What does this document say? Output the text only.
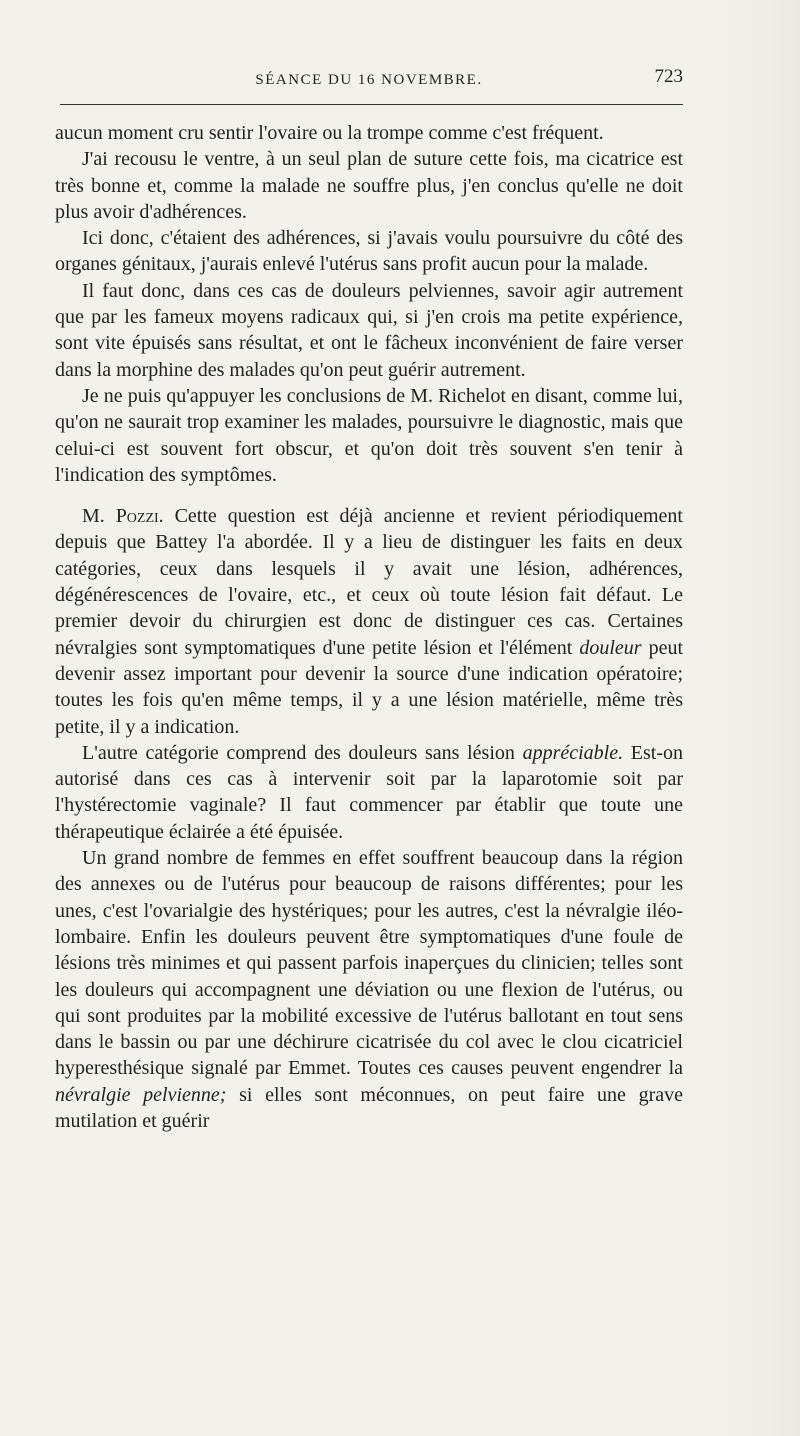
SÉANCE DU 16 NOVEMBRE.	723

aucun moment cru sentir l'ovaire ou la trompe comme c'est fréquent.

J'ai recousu le ventre, à un seul plan de suture cette fois, ma cicatrice est très bonne et, comme la malade ne souffre plus, j'en conclus qu'elle ne doit plus avoir d'adhérences.

Ici donc, c'étaient des adhérences, si j'avais voulu poursuivre du côté des organes génitaux, j'aurais enlevé l'utérus sans profit aucun pour la malade.

Il faut donc, dans ces cas de douleurs pelviennes, savoir agir autrement que par les fameux moyens radicaux qui, si j'en crois ma petite expérience, sont vite épuisés sans résultat, et ont le fâcheux inconvénient de faire verser dans la morphine des malades qu'on peut guérir autrement.

Je ne puis qu'appuyer les conclusions de M. Richelot en disant, comme lui, qu'on ne saurait trop examiner les malades, poursuivre le diagnostic, mais que celui-ci est souvent fort obscur, et qu'on doit très souvent s'en tenir à l'indication des symptômes.

M. Pozzi. Cette question est déjà ancienne et revient périodiquement depuis que Battey l'a abordée. Il y a lieu de distinguer les faits en deux catégories, ceux dans lesquels il y avait une lésion, adhérences, dégénérescences de l'ovaire, etc., et ceux où toute lésion fait défaut. Le premier devoir du chirurgien est donc de distinguer ces cas. Certaines névralgies sont symptomatiques d'une petite lésion et l'élément douleur peut devenir assez important pour devenir la source d'une indication opératoire; toutes les fois qu'en même temps, il y a une lésion matérielle, même très petite, il y a indication.

L'autre catégorie comprend des douleurs sans lésion appréciable. Est-on autorisé dans ces cas à intervenir soit par la laparotomie soit par l'hystérectomie vaginale? Il faut commencer par établir que toute une thérapeutique éclairée a été épuisée.

Un grand nombre de femmes en effet souffrent beaucoup dans la région des annexes ou de l'utérus pour beaucoup de raisons différentes; pour les unes, c'est l'ovarialgie des hystériques; pour les autres, c'est la névralgie iléo-lombaire. Enfin les douleurs peuvent être symptomatiques d'une foule de lésions très minimes et qui passent parfois inaperçues du clinicien; telles sont les douleurs qui accompagnent une déviation ou une flexion de l'utérus, ou qui sont produites par la mobilité excessive de l'utérus ballotant en tout sens dans le bassin ou par une déchirure cicatrisée du col avec le clou cicatriciel hyperesthésique signalé par Emmet. Toutes ces causes peuvent engendrer la névralgie pelvienne; si elles sont méconnues, on peut faire une grave mutilation et guérir
